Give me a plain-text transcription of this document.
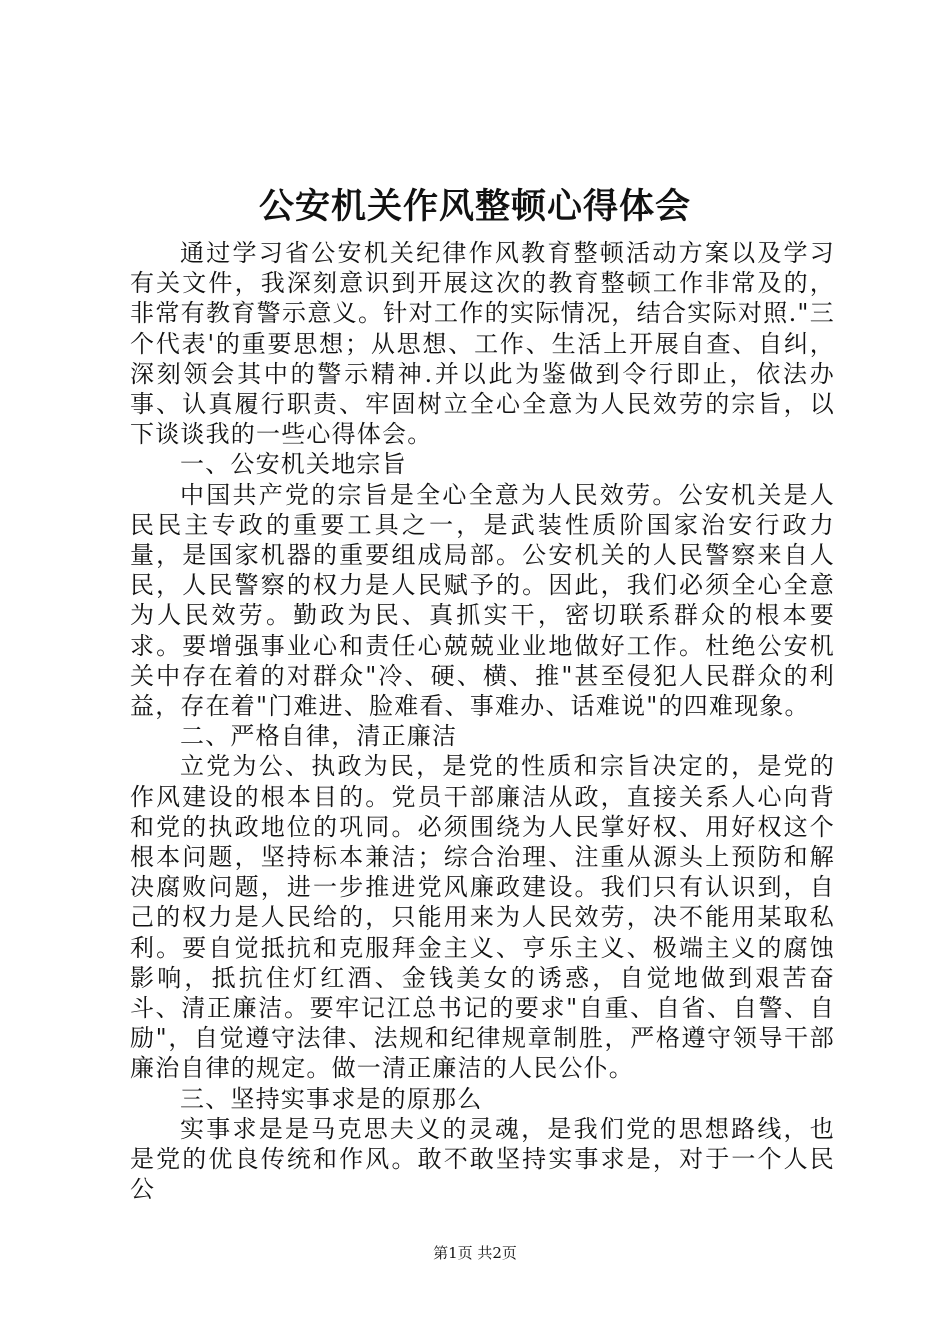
公安机关作风整顿心得体会

通过学习省公安机关纪律作风教育整顿活动方案以及学习有关文件，我深刻意识到开展这次的教育整顿工作非常及的，非常有教育警示意义。针对工作的实际情况，结合实际对照."三个代表'的重要思想；从思想、工作、生活上开展自查、自纠，深刻领会其中的警示精神.并以此为鉴做到令行即止，依法办事、认真履行职责、牢固树立全心全意为人民效劳的宗旨，以下谈谈我的一些心得体会。

一、公安机关地宗旨

中国共产党的宗旨是全心全意为人民效劳。公安机关是人民民主专政的重要工具之一，是武装性质阶国家治安行政力量，是国家机器的重要组成局部。公安机关的人民警察来自人民，人民警察的权力是人民赋予的。因此，我们必须全心全意为人民效劳。勤政为民、真抓实干，密切联系群众的根本要求。要增强事业心和责任心兢兢业业地做好工作。杜绝公安机关中存在着的对群众"冷、硬、横、推"甚至侵犯人民群众的利益，存在着"门难进、脸难看、事难办、话难说"的四难现象。

二、严格自律，清正廉洁

立党为公、执政为民，是党的性质和宗旨决定的，是党的作风建设的根本目的。党员干部廉洁从政，直接关系人心向背和党的执政地位的巩同。必须围绕为人民掌好权、用好权这个根本问题，坚持标本兼洁；综合治理、注重从源头上预防和解决腐败问题，进一步推进党风廉政建设。我们只有认识到，自己的权力是人民给的，只能用来为人民效劳，决不能用某取私利。要自觉抵抗和克服拜金主义、亨乐主义、极端主义的腐蚀影响，抵抗住灯红酒、金钱美女的诱惑，自觉地做到艰苦奋斗、清正廉洁。要牢记江总书记的要求"自重、自省、自警、自励"，自觉遵守法律、法规和纪律规章制胜，严格遵守领导干部廉治自律的规定。做一清正廉洁的人民公仆。

三、坚持实事求是的原那么

实事求是是马克思夫义的灵魂，是我们党的思想路线，也是党的优良传统和作风。敢不敢坚持实事求是，对于一个人民公

第1页 共2页
